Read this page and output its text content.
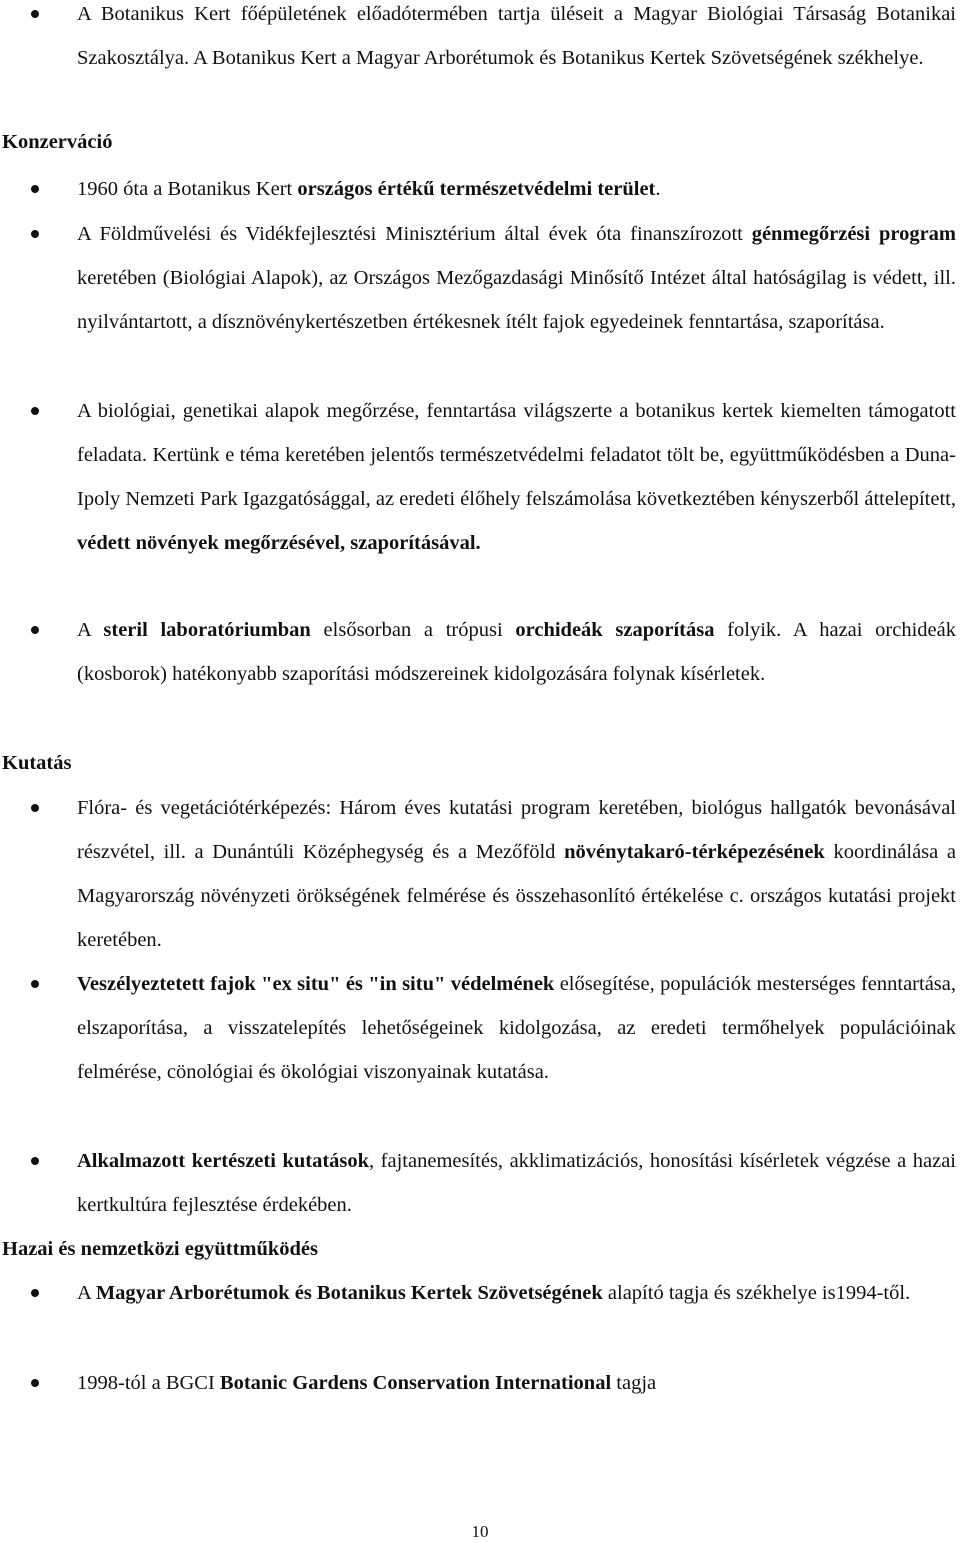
A Botanikus Kert főépületének előadótermében tartja üléseit a Magyar Biológiai Társaság Botanikai Szakosztálya. A Botanikus Kert a Magyar Arborétumok és Botanikus Kertek Szövetségének székhelye.
Konzerváció
1960 óta a Botanikus Kert országos értékű természetvédelmi terület.
A Földművelési és Vidékfejlesztési Minisztérium által évek óta finanszírozott génmegőrzési program keretében (Biológiai Alapok), az Országos Mezőgazdasági Minősítő Intézet által hatóságilag is védett, ill. nyilvántartott, a dísznövénykertészetben értékesnek ítélt fajok egyedeinek fenntartása, szaporítása.
A biológiai, genetikai alapok megőrzése, fenntartása világszerte a botanikus kertek kiemelten támogatott feladata. Kertünk e téma keretében jelentős természetvédelmi feladatot tölt be, együttműködésben a Duna-Ipoly Nemzeti Park Igazgatósággal, az eredeti élőhely felszámolása következtében kényszerből áttelepített, védett növények megőrzésével, szaporításával.
A steril laboratóriumban elsősorban a trópusi orchideák szaporítása folyik. A hazai orchideák (kosborok) hatékonyabb szaporítási módszereinek kidolgozására folynak kísérletek.
Kutatás
Flóra- és vegetációtérképezés: Három éves kutatási program keretében, biológus hallgatók bevonásával részvétel, ill. a Dunántúli Középhegység és a Mezőföld növénytakaró-térképezésének koordinálása a Magyarország növényzeti örökségének felmérése és összehasonlító értékelése c. országos kutatási projekt keretében.
Veszélyeztetett fajok "ex situ" és "in situ" védelmének elősegítése, populációk mesterséges fenntartása, elszaporítása, a visszatelepítés lehetőségeinek kidolgozása, az eredeti termőhelyek populációinak felmérése, cönológiai és ökológiai viszonyainak kutatása.
Alkalmazott kertészeti kutatások, fajtanemesítés, akklimatizációs, honosítási kísérletek végzése a hazai kertkultúra fejlesztése érdekében.
Hazai és nemzetközi együttműködés
A Magyar Arborétumok és Botanikus Kertek Szövetségének alapító tagja és székhelye is1994-től.
1998-tól a BGCI Botanic Gardens Conservation International tagja
10
